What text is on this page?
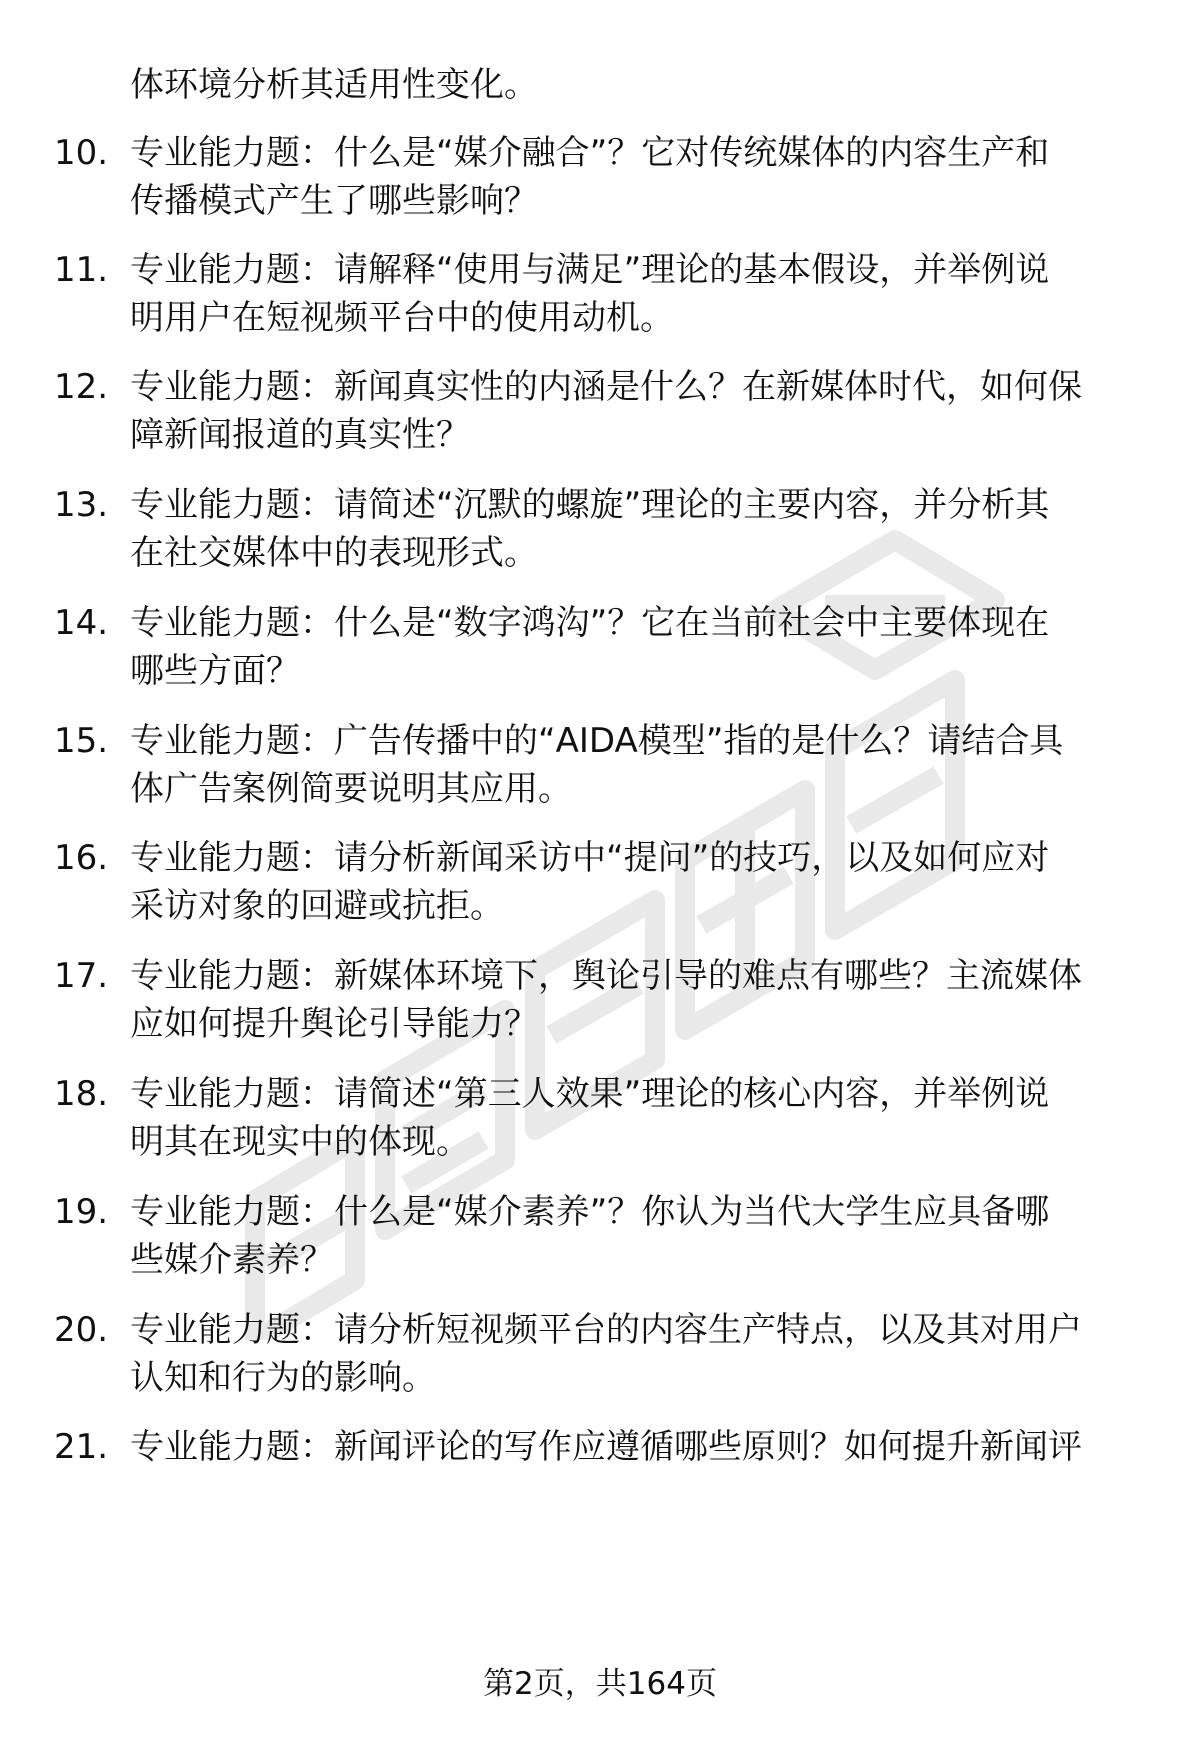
体环境分析其适用性变化。
10. 专业能力题：什么是“媒介融合”？它对传统媒体的内容生产和
传播模式产生了哪些影响？
11. 专业能力题：请解释“使用与满足”理论的基本假设，并举例说
明用户在短视频平台中的使用动机。
12. 专业能力题：新闻真实性的内涵是什么？在新媒体时代，如何保
障新闻报道的真实性？
13. 专业能力题：请简述“沉默的螺旋”理论的主要内容，并分析其
在社交媒体中的表现形式。
14. 专业能力题：什么是“数字鸿沟”？它在当前社会中主要体现在
哪些方面？
15. 专业能力题：广告传播中的“AIDA模型”指的是什么？请结合具
体广告案例简要说明其应用。
16. 专业能力题：请分析新闻采访中“提问”的技巧，以及如何应对
采访对象的回避或抗拒。
17. 专业能力题：新媒体环境下，舆论引导的难点有哪些？主流媒体
应如何提升舆论引导能力？
18. 专业能力题：请简述“第三人效果”理论的核心内容，并举例说
明其在现实中的体现。
19. 专业能力题：什么是“媒介素养”？你认为当代大学生应具备哪
些媒介素养？
20. 专业能力题：请分析短视频平台的内容生产特点，以及其对用户
认知和行为的影响。
21. 专业能力题：新闻评论的写作应遵循哪些原则？如何提升新闻评
第2页，共164页
